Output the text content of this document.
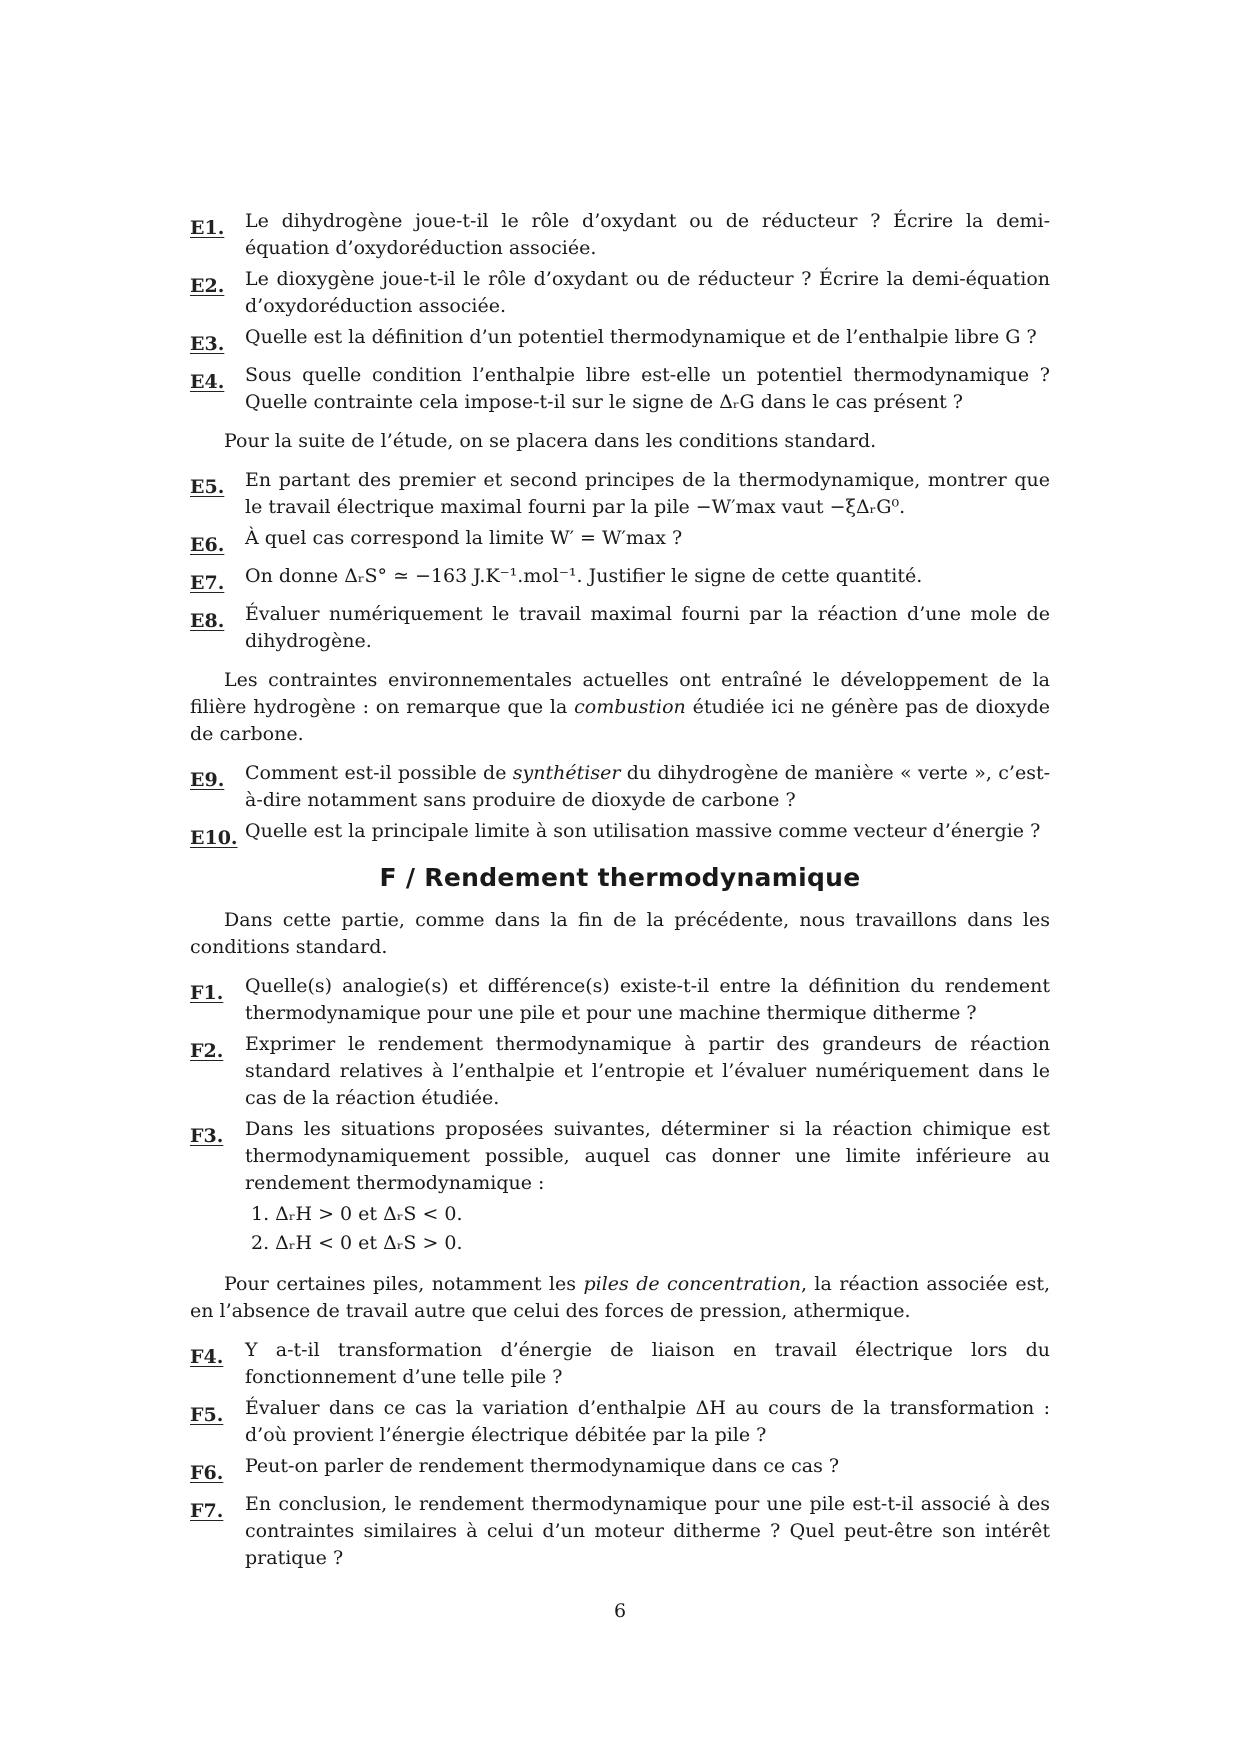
E1.	Le dihydrogène joue-t-il le rôle d’oxydant ou de réducteur ? Écrire la demi-équation d’oxydoréduction associée.
E2.	Le dioxygène joue-t-il le rôle d’oxydant ou de réducteur ? Écrire la demi-équation d’oxydoréduction associée.
E3.	Quelle est la définition d’un potentiel thermodynamique et de l’enthalpie libre G ?
E4.	Sous quelle condition l’enthalpie libre est-elle un potentiel thermodynamique ? Quelle contrainte cela impose-t-il sur le signe de ΔᵣG dans le cas présent ?
Pour la suite de l’étude, on se placera dans les conditions standard.
E5.	En partant des premier et second principes de la thermodynamique, montrer que le travail électrique maximal fourni par la pile −W′max vaut −ξΔᵣG⁰.
E6.	À quel cas correspond la limite W′ = W′max ?
E7.	On donne ΔᵣS° ≃ −163 J.K⁻¹.mol⁻¹. Justifier le signe de cette quantité.
E8.	Évaluer numériquement le travail maximal fourni par la réaction d’une mole de dihydrogène.
Les contraintes environnementales actuelles ont entraîné le développement de la filière hydrogène : on remarque que la combustion étudiée ici ne génère pas de dioxyde de carbone.
E9.	Comment est-il possible de synthétiser du dihydrogène de manière « verte », c’est-à-dire notamment sans produire de dioxyde de carbone ?
E10. Quelle est la principale limite à son utilisation massive comme vecteur d’énergie ?
F / Rendement thermodynamique
Dans cette partie, comme dans la fin de la précédente, nous travaillons dans les conditions standard.
F1.	Quelle(s) analogie(s) et différence(s) existe-t-il entre la définition du rendement thermodynamique pour une pile et pour une machine thermique ditherme ?
F2.	Exprimer le rendement thermodynamique à partir des grandeurs de réaction standard relatives à l’enthalpie et l’entropie et l’évaluer numériquement dans le cas de la réaction étudiée.
F3.	Dans les situations proposées suivantes, déterminer si la réaction chimique est thermodynamiquement possible, auquel cas donner une limite inférieure au rendement thermodynamique :
1. ΔᵣH > 0 et ΔᵣS < 0.
2. ΔᵣH < 0 et ΔᵣS > 0.
Pour certaines piles, notamment les piles de concentration, la réaction associée est, en l’absence de travail autre que celui des forces de pression, athermique.
F4.	Y a-t-il transformation d’énergie de liaison en travail électrique lors du fonctionnement d’une telle pile ?
F5.	Évaluer dans ce cas la variation d’enthalpie ΔH au cours de la transformation : d’où provient l’énergie électrique débitée par la pile ?
F6.	Peut-on parler de rendement thermodynamique dans ce cas ?
F7.	En conclusion, le rendement thermodynamique pour une pile est-t-il associé à des contraintes similaires à celui d’un moteur ditherme ? Quel peut-être son intérêt pratique ?
6
